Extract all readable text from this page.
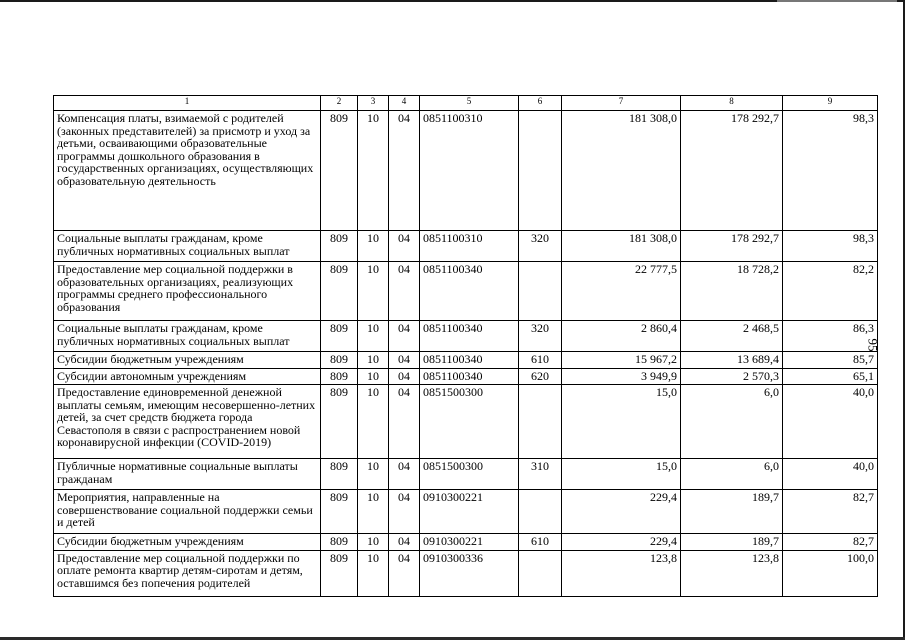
1	2	3	4	5	6	7	8	9
Компенсация платы, взимаемой с родителей (законных представителей) за присмотр и уход за детьми, осваивающими образовательные программы дошкольного образования в государственных организациях, осуществляющих образовательную деятельность	809	10	04	0851100310		181 308,0	178 292,7	98,3
Социальные выплаты гражданам, кроме публичных нормативных социальных выплат	809	10	04	0851100310	320	181 308,0	178 292,7	98,3
Предоставление мер социальной поддержки в образовательных организациях, реализующих программы среднего профессионального образования	809	10	04	0851100340		22 777,5	18 728,2	82,2
Социальные выплаты гражданам, кроме публичных нормативных социальных выплат	809	10	04	0851100340	320	2 860,4	2 468,5	86,3
Субсидии бюджетным учреждениям	809	10	04	0851100340	610	15 967,2	13 689,4	85,7
Субсидии автономным учреждениям	809	10	04	0851100340	620	3 949,9	2 570,3	65,1
Предоставление единовременной денежной выплаты семьям, имеющим несовершенно-летних детей, за счет средств бюджета города Севастополя в связи с распространением новой коронавирусной инфекции (COVID-2019)	809	10	04	0851500300		15,0	6,0	40,0
Публичные нормативные социальные выплаты гражданам	809	10	04	0851500300	310	15,0	6,0	40,0
Мероприятия, направленные на совершенствование социальной поддержки семьи и детей	809	10	04	0910300221		229,4	189,7	82,7
Субсидии бюджетным учреждениям	809	10	04	0910300221	610	229,4	189,7	82,7
Предоставление мер социальной поддержки по оплате ремонта квартир детям-сиротам и детям, оставшимся без попечения родителей	809	10	04	0910300336		123,8	123,8	100,0
95
